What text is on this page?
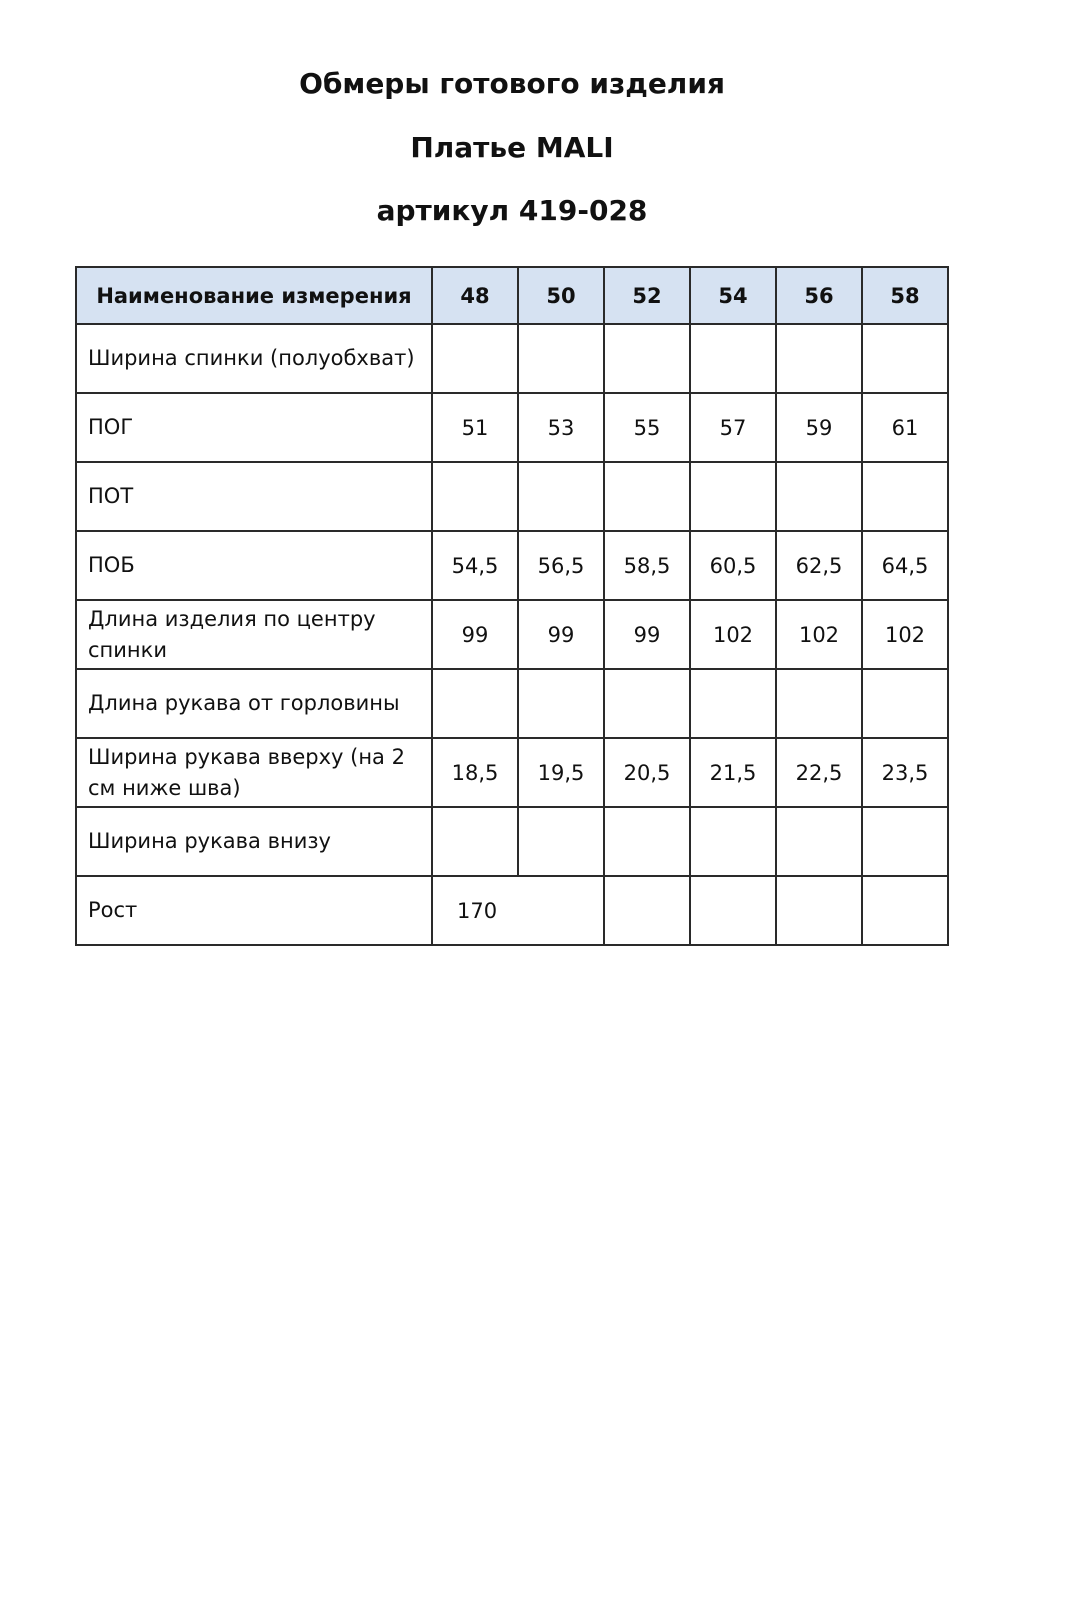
Обмеры готового изделия
Платье MALI
артикул 419-028
Наименование измерения	48	50	52	54	56	58
Ширина спинки (полуобхват)						
ПОГ	51	53	55	57	59	61
ПОТ						
ПОБ	54,5	56,5	58,5	60,5	62,5	64,5
Длина изделия по центру спинки	99	99	99	102	102	102
Длина рукава от горловины						
Ширина рукава вверху (на 2 см ниже шва)	18,5	19,5	20,5	21,5	22,5	23,5
Ширина рукава внизу						
Рост	170					
